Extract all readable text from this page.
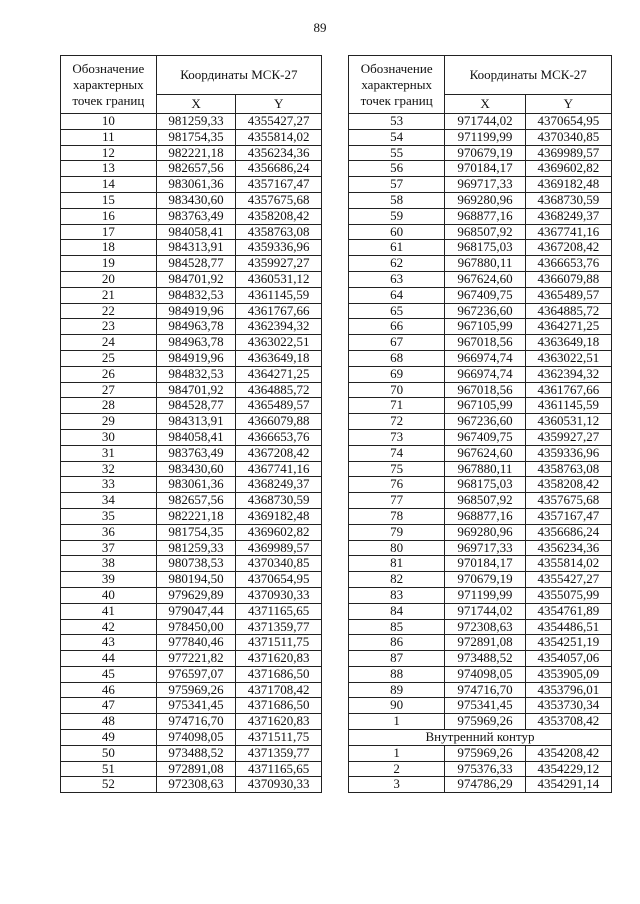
89
Обозначение характерных точек границ	Координаты МСК-27	
	X	Y
10	981259,33	4355427,27
11	981754,35	4355814,02
12	982221,18	4356234,36
13	982657,56	4356686,24
14	983061,36	4357167,47
15	983430,60	4357675,68
16	983763,49	4358208,42
17	984058,41	4358763,08
18	984313,91	4359336,96
19	984528,77	4359927,27
20	984701,92	4360531,12
21	984832,53	4361145,59
22	984919,96	4361767,66
23	984963,78	4362394,32
24	984963,78	4363022,51
25	984919,96	4363649,18
26	984832,53	4364271,25
27	984701,92	4364885,72
28	984528,77	4365489,57
29	984313,91	4366079,88
30	984058,41	4366653,76
31	983763,49	4367208,42
32	983430,60	4367741,16
33	983061,36	4368249,37
34	982657,56	4368730,59
35	982221,18	4369182,48
36	981754,35	4369602,82
37	981259,33	4369989,57
38	980738,53	4370340,85
39	980194,50	4370654,95
40	979629,89	4370930,33
41	979047,44	4371165,65
42	978450,00	4371359,77
43	977840,46	4371511,75
44	977221,82	4371620,83
45	976597,07	4371686,50
46	975969,26	4371708,42
47	975341,45	4371686,50
48	974716,70	4371620,83
49	974098,05	4371511,75
50	973488,52	4371359,77
51	972891,08	4371165,65
52	972308,63	4370930,33
Обозначение характерных точек границ	Координаты МСК-27	
	X	Y
53	971744,02	4370654,95
54	971199,99	4370340,85
55	970679,19	4369989,57
56	970184,17	4369602,82
57	969717,33	4369182,48
58	969280,96	4368730,59
59	968877,16	4368249,37
60	968507,92	4367741,16
61	968175,03	4367208,42
62	967880,11	4366653,76
63	967624,60	4366079,88
64	967409,75	4365489,57
65	967236,60	4364885,72
66	967105,99	4364271,25
67	967018,56	4363649,18
68	966974,74	4363022,51
69	966974,74	4362394,32
70	967018,56	4361767,66
71	967105,99	4361145,59
72	967236,60	4360531,12
73	967409,75	4359927,27
74	967624,60	4359336,96
75	967880,11	4358763,08
76	968175,03	4358208,42
77	968507,92	4357675,68
78	968877,16	4357167,47
79	969280,96	4356686,24
80	969717,33	4356234,36
81	970184,17	4355814,02
82	970679,19	4355427,27
83	971199,99	4355075,99
84	971744,02	4354761,89
85	972308,63	4354486,51
86	972891,08	4354251,19
87	973488,52	4354057,06
88	974098,05	4353905,09
89	974716,70	4353796,01
90	975341,45	4353730,34
1	975969,26	4353708,42
Внутренний контур		
1	975969,26	4354208,42
2	975376,33	4354229,12
3	974786,29	4354291,14
